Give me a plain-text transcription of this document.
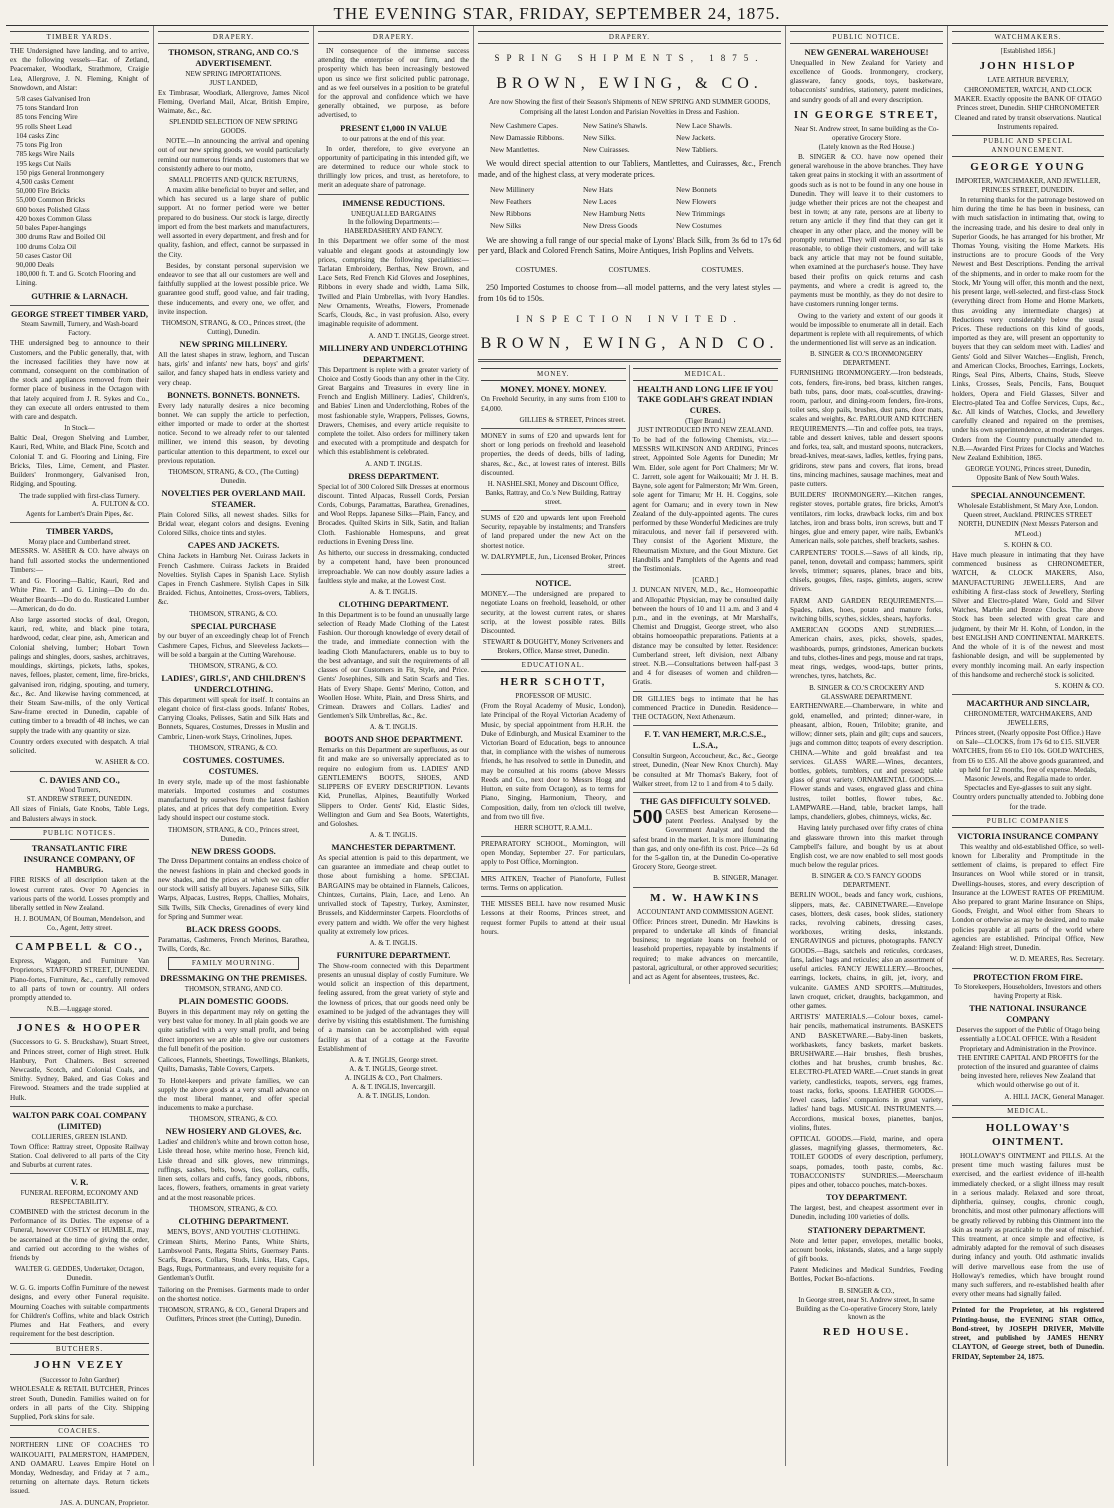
THE EVENING STAR, FRIDAY, SEPTEMBER 24, 1875.
TIMBER YARDS.
THE Undersigned have landing, and to arrive, ex the following vessels—Ear. of Zetland, Peacemaker, Woodlark, Strathmore, Craigie Lea, Allergrove, J. N. Fleming, Knight of Snowdown, and Alstar:
5/8 cases Galvanised Iron
75 tons Standard Iron
85 tons Fencing Wire
95 rolls Sheet Lead
104 casks Zinc
75 tons Pig Iron
785 kegs Wire Nails
195 kegs Cut Nails
150 pigs General Ironmongery
4,500 casks Cement
50,000 Fire Bricks
55,000 Common Bricks
600 boxes Polished Glass
420 boxes Common Glass
50 bales Paper-hangings
300 drums Raw and Boiled Oil
100 drums Colza Oil
50 cases Castor Oil
90,000 Deals
180,000 ft. T. and G. Scotch Flooring and Lining.
GUTHRIE & LARNACH.
GEORGE STREET TIMBER YARD,
Steam Sawmill, Turnery, and Wash-board Factory.
THE undersigned beg to announce to their Customers, and the Public generally, that, with the increased facilities they have now at command, consequent on the combination of the stock and appliances removed from their former place of business in the Octagon with that lately acquired from J. R. Sykes and Co., they can execute all orders entrusted to them with care and despatch.
In Stock—
Baltic Deal, Oregon Shelving and Lumber, Kauri, Red, White, and Black Pine, Scotch and Colonial T. and G. Flooring and Lining, Fire Bricks, Tiles, Lime, Cement, and Plaster. Builders' Ironmongery, Galvanised Iron, Ridging, and Spouting.
The trade supplied with first-class Turnery.
A. FULTON & CO.
Agents for Lambert's Drain Pipes, &c.
TIMBER YARDS,
Moray place and Cumberland street.
MESSRS. W. ASHER & CO. have always on hand full assorted stocks the undermentioned Timbers:—
T. and G. Flooring—Baltic, Kauri, Red and White Pine. T. and G. Lining—Do do do. Weather Boards—Do do do. Rusticated Lumber—American, do do do.
Also large assorted stocks of deal, Oregon, kauri, red, white, and black pine totara, hardwood, cedar, clear pine, ash, American and Colonial shelving, lumber; Hobart Town palings and shingles, doors, sashes, architraves, mouldings, skirtings, pickets, laths, spokes, naves, felloes, plaster, cement, lime, fire-bricks, galvanised iron, ridging, spouting, and turnery, &c., &c. And likewise having commenced, at their Steam Saw-mills, of the only Vertical Saw-frame erected in Dunedin, capable of cutting timber to a breadth of 48 inches, we can supply the trade with any quantity or size.
Country orders executed with despatch. A trial solicited.
W. ASHER & CO.
C. DAVIES AND CO.,
Wood Turners,
ST. ANDREW STREET, DUNEDIN.
All sizes of Finials, Gate Knobs, Table Legs, and Balusters always in stock.
PUBLIC NOTICES.
TRANSATLANTIC FIRE INSURANCE COMPANY, OF HAMBURG.
FIRE RISKS of all description taken at the lowest current rates. Over 70 Agencies in various parts of the world. Losses promptly and liberally settled in New Zealand.
H. J. BOUMAN, Of Bouman, Mendelson, and Co., Agent, Jetty street.
CAMPBELL & CO.,
Express, Waggon, and Furniture Van Proprietors, STAFFORD STREET, DUNEDIN. Piano-fortes, Furniture, &c., carefully removed to all parts of town or country. All orders promptly attended to.
N.B.—Luggage stored.
JONES & HOOPER
(Successors to G. S. Bruckshaw), Stuart Street, and Princes street, corner of High street. Hulk Hanbury, Port Chalmers. Best screened Newcastle, Scotch, and Colonial Coals, and Smithy. Sydney, Baked, and Gas Cokes and Firewood. Steamers and the trade supplied at Hulk.
WALTON PARK COAL COMPANY (LIMITED)
COLLIERIES, GREEN ISLAND.
Town Office: Rattray street, Opposite Railway Station. Coal delivered to all parts of the City and Suburbs at current rates.
V. R.
FUNERAL REFORM, ECONOMY AND RESPECTABILITY.
COMBINED with the strictest decorum in the Performance of its Duties. The expense of a Funeral, however COSTLY or HUMBLE, may be ascertained at the time of giving the order, and carried out according to the wishes of friends by
WALTER G. GEDDES, Undertaker, Octagon, Dunedin.
W. G. G. imports Coffin Furniture of the newest designs, and every other Funeral requisite. Mourning Coaches with suitable compartments for Children's Coffins, white and black Ostrich Plumes and Hat Feathers, and every requirement for the best description.
BUTCHERS.
JOHN VEZEY
(Successor to John Gardner)
WHOLESALE & RETAIL BUTCHER, Princes street South, Dunedin. Families waited on for orders in all parts of the City. Shipping Supplied, Pork skins for sale.
COACHES.
NORTHERN LINE OF COACHES TO WAIKOUAITI, PALMERSTON, HAMPDEN, AND OAMARU. Leaves Empire Hotel on Monday, Wednesday, and Friday at 7 a.m., returning on alternate days. Return tickets issued.
JAS. A. DUNCAN, Proprietor.
DRAPERY.
THOMSON, STRANG, AND CO.'S ADVERTISEMENT.
NEW SPRING IMPORTATIONS.
JUST LANDED,
Ex Timbrasar, Woodlark, Allergrove, James Nicol Fleming, Overland Mail, Alcar, British Empire, Waimate, &c., &c.
SPLENDID SELECTION OF NEW SPRING GOODS.
NOTE.—In announcing the arrival and opening out of our new spring goods, we would particularly remind our numerous friends and customers that we consistently adhere to our motto,
SMALL PROFITS AND QUICK RETURNS,
A maxim alike beneficial to buyer and seller, and which has secured us a large share of public support. At no former period were we better prepared to do business. Our stock is large, directly import ed from the best markets and manufacturers, well assorted in every department, and fresh and for quality, fashion, and effect, cannot be surpassed in the City.
Besides, by constant personal supervision we endeavor to see that all our customers are well and faithfully supplied at the lowest possible price. We guarantee good stuff, good value, and fair trading, these inducements, and every one, we offer, and invite inspection.
THOMSON, STRANG, & CO., Princes street, (the Cutting), Dunedin.
NEW SPRING MILLINERY.
All the latest shapes in straw, leghorn, and Tuscan hats, girls' and infants' new hats, boys' and girls' sailor, and fancy shaped hats in endless variety and very cheap.
BONNETS. BONNETS. BONNETS.
Every lady naturally desires a nice becoming bonnet. We can supply the article to perfection, either imported or made to order at the shortest notice. Second to we already refer to our talented milliner, we intend this season, by devoting particular attention to this department, to excel our previous reputation.
THOMSON, STRANG, & CO., (The Cutting) Dunedin.
NOVELTIES PER OVERLAND MAIL STEAMER.
Plain Colored Silks, all newest shades. Silks for Bridal wear, elegant colors and designs. Evening Colored Silks, choice tints and styles.
CAPES AND JACKETS.
China Jackets in Hamburg Net. Cuirass Jackets in French Cashmere. Cuirass Jackets in Braided Novelties. Stylish Capes in Spanish Lace. Stylish Capes in French Cashmere. Stylish Capes in Silk Braided. Fichus, Antoinettes, Cross-overs, Tabliers, &c.
THOMSON, STRANG, & CO.
SPECIAL PURCHASE
by our buyer of an exceedingly cheap lot of French Cashmere Capes, Fichus, and Sleeveless Jackets—will be sold a bargain at the Cutting Warehouse.
THOMSON, STRANG, & CO.
LADIES', GIRLS', AND CHILDREN'S UNDERCLOTHING.
This department will speak for itself. It contains an elegant choice of first-class goods. Infants' Robes, Carrying Cloaks, Pelisses, Satin and Silk Hats and Bonnets, Squares, Costumes, Dresses in Muslin and Cambric, Linen-work Stays, Crinolines, Jupes.
THOMSON, STRANG, & CO.
COSTUMES. COSTUMES. COSTUMES.
In every style, made up of the most fashionable materials. Imported costumes and costumes manufactured by ourselves from the latest fashion plates, and at prices that defy competition. Every lady should inspect our costume stock.
THOMSON, STRANG, & CO., Princes street, Dunedin.
NEW DRESS GOODS.
The Dress Department contains an endless choice of the newest fashions in plain and checked goods in new shades, and the prices at which we can offer our stock will satisfy all buyers. Japanese Silks, Silk Warps, Alpacas, Lustres, Repps, Challies, Mohairs, Silk Twills, Silk Checks, Grenadines of every kind for Spring and Summer wear.
BLACK DRESS GOODS.
Paramattas, Cashmeres, French Merinos, Barathea, Twills, Cords, &c.
FAMILY MOURNING.
DRESSMAKING ON THE PREMISES.
THOMSON, STRANG, AND CO.
PLAIN DOMESTIC GOODS.
Buyers in this department may rely on getting the very best value for money. In all plain goods we are quite satisfied with a very small profit, and being direct importers we are able to give our customers the full benefit of the position.
Calicoes, Flannels, Sheetings, Towellings, Blankets, Quilts, Damasks, Table Covers, Carpets.
To Hotel-keepers and private families, we can supply the above goods at a very small advance on the most liberal manner, and offer special inducements to make a purchase.
THOMSON, STRANG, & CO.
NEW HOSIERY AND GLOVES, &c.
Ladies' and children's white and brown cotton hose, Lisle thread hose, white merino hose, French kid, Lisle thread and silk gloves, new trimmings, ruffings, sashes, belts, bows, ties, collars, cuffs, linen sets, collars and cuffs, fancy goods, ribbons, laces, flowers, feathers, ornaments in great variety and at the most reasonable prices.
THOMSON, STRANG, & CO.
CLOTHING DEPARTMENT.
MEN'S, BOYS', AND YOUTHS' CLOTHING.
Crimean Shirts, Merino Pants, White Shirts, Lambswool Pants, Regatta Shirts, Guernsey Pants. Scarfs, Braces, Collars, Studs, Links, Hats, Caps, Bags, Rugs, Portmanteaus, and every requisite for a Gentleman's Outfit.
Tailoring on the Premises. Garments made to order on the shortest notice.
THOMSON, STRANG, & CO., General Drapers and Outfitters, Princes street (the Cutting), Dunedin.
DRAPERY.
IN consequence of the immense success attending the enterprise of our firm, and the prosperity which has been increasingly bestowed upon us since we first solicited public patronage, and as we feel ourselves in a position to be grateful for the approval and confidence which we have generally obtained, we purpose, as before advertised, to
PRESENT £1,000 IN VALUE
to our patrons at the end of this year.
In order, therefore, to give everyone an opportunity of participating in this intended gift, we are determined to reduce our whole stock to thrillingly low prices, and trust, as heretofore, to merit an adequate share of patronage.
IMMENSE REDUCTIONS.
UNEQUALLED BARGAINS
In the following Departments:—
HABERDASHERY AND FANCY.
In this Department we offer some of the most valuable and elegant goods at astoundingly low prices, comprising the following specialities:—Tarlatan Embroidery, Berthas, New Brown, and Lace Sets, Red French Kid Gloves and Josephines, Ribbons in every shade and width, Lama Silk, Twilled and Plain Umbrellas, with Ivory Handles. New Ornaments, Wreaths, Flowers, Promenade Scarfs, Clouds, &c., in vast profusion. Also, every imaginable requisite of adornment.
A. AND T. INGLIS, George street.
MILLINERY AND UNDERCLOTHING DEPARTMENT.
This Department is replete with a greater variety of Choice and Costly Goods than any other in the City. Great Bargains and Treasures in every line in French and English Millinery. Ladies', Children's, and Babies' Linen and Underclothing, Robes of the most fashionable style, Wrappers, Pelisses, Gowns, Drawers, Chemises, and every article requisite to complete the toilet. Also orders for millinery taken and executed with a promptitude and despatch for which this establishment is celebrated.
A. AND T. INGLIS.
DRESS DEPARTMENT.
Special lot of 300 Colored Silk Dresses at enormous discount. Tinted Alpacas, Russell Cords, Persian Cords, Coburgs, Paramattas, Barathea, Grenadines, and Wool Repps. Japanese Silks—Plain, Fancy, and Brocades. Quilted Skirts in Silk, Satin, and Italian Cloth. Fashionable Homespuns, and great reductions in Evening Dress line.
As hitherto, our success in dressmaking, conducted by a competent hand, have been pronounced irreproachable. We can now doubly assure ladies a faultless style and make, at the Lowest Cost.
A. & T. INGLIS.
CLOTHING DEPARTMENT.
In this Department is to be found an unusually large selection of Ready Made Clothing of the Latest Fashion. Our thorough knowledge of every detail of the trade, and immediate connection with the leading Cloth Manufacturers, enable us to buy to the best advantage, and suit the requirements of all classes of our Customers in Fit, Style, and Price. Gents' Josephines, Silk and Satin Scarfs and Ties. Hats of Every Shape. Gents' Merino, Cotton, and Woollen Hose. White, Plain, and Dress Shirts, and Crimean. Drawers and Collars. Ladies' and Gentlemen's Silk Umbrellas, &c., &c.
A. & T. INGLIS.
BOOTS AND SHOE DEPARTMENT.
Remarks on this Department are superfluous, as our fit and make are so universally appreciated as to require no eulogium from us. LADIES' AND GENTLEMEN'S BOOTS, SHOES, AND SLIPPERS OF EVERY DESCRIPTION. Levants Kid, Prunellas, Alpines, Beautifully Worked Slippers to Order. Gents' Kid, Elastic Sides, Wellington and Gum and Sea Boots, Watertights, and Goloshes.
A. & T. INGLIS.
MANCHESTER DEPARTMENT.
As special attention is paid to this department, we can guarantee an immediate and cheap outlet to those about furnishing a home. SPECIAL BARGAINS may be obtained in Flannels, Calicoes, Chintzes, Curtains, Plain, Lace, and Leno. An unrivalled stock of Tapestry, Turkey, Axminster, Brussels, and Kidderminster Carpets. Floorcloths of every pattern and width. We offer the very highest quality at extremely low prices.
A. & T. INGLIS.
FURNITURE DEPARTMENT.
The Show-room connected with this Department presents an unusual display of costly Furniture. We would solicit an inspection of this department, feeling assured, from the great variety of style and the lowness of prices, that our goods need only be examined to be judged of the advantages they will derive by visiting this establishment. The furnishing of a mansion can be accomplished with equal facility as that of a cottage at the Favorite Establishment of
A. & T. INGLIS, George street.
A. & T. INGLIS, George street.
A. INGLIS & CO., Port Chalmers.
A. & T. INGLIS, Invercargill.
A. & T. INGLIS, London.
DRAPERY.
SPRING SHIPMENTS, 1875.
BROWN, EWING, & CO.
Are now Showing the first of their Season's Shipments of NEW SPRING AND SUMMER GOODS,
Comprising all the latest London and Parisian Novelties in Dress and Fashion.
New Cashmere Capes.	New Satine's Shawls.	New Lace Shawls.
New Damassie Ribbons.	New Silks.	New Jackets.
New Mantlettes.	New Cuirasses.	New Tabliers.
We would direct special attention to our Tabliers, Mantlettes, and Cuirasses, &c., French made, and of the highest class, at very moderate prices.
New Millinery	New Hats	New Bonnets
New Feathers	New Laces	New Flowers
New Ribbons	New Hamburg Netts	New Trimmings
New Silks	New Dress Goods	New Costumes
We are showing a full range of our special make of Lyons' Black Silk, from 3s 6d to 17s 6d per yard, Black and Colored French Satins, Moire Antiques, Irish Poplins and Velvets.
COSTUMES.	COSTUMES.	COSTUMES.
250 Imported Costumes to choose from—all model patterns, and the very latest styles —from 10s 6d to 150s.
INSPECTION INVITED.
BROWN, EWING, AND CO.
MONEY.
MONEY. MONEY. MONEY.
On Freehold Security, in any sums from £100 to £4,000.
GILLIES & STREET, Princes street.
MONEY in sums of £20 and upwards lent for short or long periods on freehold and leasehold properties, the deeds of deeds, bills of lading, shares, &c., &c., at lowest rates of interest. Bills discounted.
H. NASHELSKI, Money and Discount Office, Banks, Rattray, and Co.'s New Building, Rattray street.
SUMS of £20 and upwards lent upon Freehold Security, repayable by instalments; and Transfers of land prepared under the new Act on the shortest notice.
W. DALRYMPLE, Jun., Licensed Broker, Princes street.
NOTICE.
MONEY.—The undersigned are prepared to negotiate Loans on freehold, leasehold, or other security, at the lowest current rates, or shares scrip, at the lowest possible rates. Bills Discounted.
STEWART & DOUGHTY, Money Scriveners and Brokers, Office, Manse street, Dunedin.
EDUCATIONAL.
HERR SCHOTT,
PROFESSOR OF MUSIC.
(From the Royal Academy of Music, London), late Principal of the Royal Victorian Academy of Music, by special appointment from H.R.H. the Duke of Edinburgh, and Musical Examiner to the Victorian Board of Education, begs to announce that, in compliance with the wishes of numerous friends, he has resolved to settle in Dunedin, and may be consulted at his rooms (above Messrs Reeds and Co., next door to Messrs Hogg and Hutton, en suite from Octagon), as to terms for Piano, Singing, Harmonium, Theory, and Composition, daily, from ten o'clock till twelve, and from two till five.
HERR SCHOTT, R.A.M.L.
PREPARATORY SCHOOL, Mornington, will open Monday, September 27. For particulars, apply to Post Office, Mornington.
MRS AITKEN, Teacher of Pianoforte, Fullest terms. Terms on application.
THE MISSES BELL have now resumed Music Lessons at their Rooms, Princes street, and request former Pupils to attend at their usual hours.
MEDICAL.
HEALTH AND LONG LIFE IF YOU TAKE GODLAH'S GREAT INDIAN CURES.
(Tiger Brand.)
JUST INTRODUCED INTO NEW ZEALAND.
To be had of the following Chemists, viz.:—MESSRS WILKINSON AND ARDING, Princes street, Appointed Sole Agents for Dunedin; Mr Wm. Elder, sole agent for Port Chalmers; Mr W. C. Jarrett, sole agent for Waikouaiti; Mr J. H. B. Bayne, sole agent for Palmerston; Mr Wm. Green, sole agent for Timaru; Mr H. H. Coggins, sole agent for Oamaru; and in every town in New Zealand of the duly-appointed agents. The cures performed by these Wonderful Medicines are truly miraculous, and never fail if persevered with. They consist of the Agorient Mixture, the Rheumatism Mixture, and the Gout Mixture. Get Handbills and Pamphlets of the Agents and read the Testimonials.
[CARD.]
J. DUNCAN NIVEN, M.D., &c., Homoeopathic and Allopathic Physician, may be consulted daily between the hours of 10 and 11 a.m. and 3 and 4 p.m., and in the evenings, at Mr Marshall's, Chemist and Druggist, George street, who also obtains homoeopathic preparations. Patients at a distance may be consulted by letter. Residence: Cumberland street, left division, next Albany street. N.B.—Consultations between half-past 3 and 4 for diseases of women and children— Gratis.
DR GILLIES begs to intimate that he has commenced Practice in Dunedin. Residence—THE OCTAGON, Next Athenæum.
F. T. VAN HEMERT, M.R.C.S.E., L.S.A.,
Consultin Surgeon, Accoucheur, &c., &c., George street, Dunedin, (Near New Knox Church). May be consulted at Mr Thomas's Bakery, foot of Walker street, from 12 to 1 and from 4 to 5 daily.
THE GAS DIFFICULTY SOLVED.
500 CASES best American Kerosene—patent Peerless. Analysed by the Government Analyst and found the safest brand in the market. It is more illuminating than gas, and only one-fifth its cost. Price—2s 6d for the 5-gallon tin, at the Dunedin Co-operative Grocery Store, George street.
B. SINGER, Manager.
M. W. HAWKINS
ACCOUNTANT AND COMMISSION AGENT.
Office: Princes street, Dunedin. Mr Hawkins is prepared to undertake all kinds of financial business; to negotiate loans on freehold or leasehold properties, repayable by instalments if required; to make advances on mercantile, pastoral, agricultural, or other approved securities; and act as Agent for absentees, trustees, &c.
PUBLIC NOTICE.
NEW GENERAL WAREHOUSE!
Unequalled in New Zealand for Variety and excellence of Goods. Ironmongery, crockery, glassware, fancy goods, toys, basketware, tobacconists' sundries, stationery, patent medicines, and sundry goods of all and every description.
IN GEORGE STREET,
Near St. Andrew street, In same building as the Co-operative Grocery Store.
(Lately known as the Red House.)
B. SINGER & CO. have now opened their general warehouse in the above branches. They have taken great pains in stocking it with an assortment of goods such as is not to be found in any one house in Dunedin. They will leave it to their customers to judge whether their prices are not the cheapest and best in town; at any rate, persons are at liberty to return any article if they find that they can get it cheaper in any other place, and the money will be promptly returned. They will endeavor, so far as is reasonable, to oblige their customers, and will take back any article that may not be found suitable, when examined at the purchaser's house. They have based their profits on quick returns and cash payments, and where a credit is agreed to, the payments must be monthly, as they do not desire to have customers running longer terms.
Owing to the variety and extent of our goods it would be impossible to enumerate all in detail. Each department is replete with all requirements, of which the undermentioned list will serve as an indication.
B. SINGER & CO.'S IRONMONGERY DEPARTMENT.
FURNISHING IRONMONGERY.—Iron bedsteads, cots, fenders, fire-irons, bed brass, kitchen ranges, bath tubs, pans, door mats, coal-scuttles, drawing-room, parlour, and dining-room fenders, fire-irons, toilet sets, slop pails, brushes, dust pans, door mats, scales and weights, &c. PARLOUR AND KITCHEN REQUIREMENTS.—Tin and coffee pots, tea trays, table and dessert knives, table and dessert spoons and forks, tea, salt, and mustard spoons, nutcrackers, bread-knives, meat-saws, ladles, kettles, frying pans, gridirons, stew pans and covers, flat irons, bread tins, mincing machines, sausage machines, meat and paste cutters.
BUILDERS' IRONMONGERY.—Kitchen ranges, register stoves, portable grates, fire bricks, Arnott's ventilators, rim locks, drawback locks, rim and box latches, iron and brass bolts, iron screws, butt and T hinges, glue and emery paper, wire nails, Ewbank's American nails, sole patches, shelf brackets, sashes.
CARPENTERS' TOOLS.—Saws of all kinds, rip, panel, tenon, dovetail and compass; hammers, spirit levels, trimmer; squares, planes, brace and bits, chisels, gouges, files, rasps, gimlets, augers, screw drivers.
FARM AND GARDEN REQUIREMENTS.—Spades, rakes, hoes, potato and manure forks, twitching bills, scythes, sickles, shears, hayforks.
AMERICAN GOODS AND SUNDRIES.—American chairs, axes, picks, shovels, spades, washboards, pumps, grindstones, American buckets and tubs, clothes-lines and pegs, mouse and rat traps, meat rings, wedges, wood-taps, butter prints, wrenches, tyres, hatchets, &c.
B. SINGER & CO.'S CROCKERY AND GLASSWARE DEPARTMENT.
EARTHENWARE.—Chamberware, in white and gold, enamelled, and printed; dinner-ware, in pheasant, albion, Rouen, Trilobite; granite, and willow; dinner sets, plain and gilt; cups and saucers, jugs and common ditto; teapots of every description. CHINA.—White and gold breakfast and tea services. GLASS WARE.—Wines, decanters, bottles, goblets, tumblers, cut and pressed; table glass of great variety. ORNAMENTAL GOODS.—Flower stands and vases, engraved glass and china lustres, toilet bottles, flower tubes, &c. LAMPWARE.—Hand, table, bracket lamps, hall lamps, chandeliers, globes, chimneys, wicks, &c.
Having lately purchased over fifty crates of china and glassware thrown into this market through Campbell's failure, and bought by us at about English cost, we are now enabled to sell most goods much below the regular prices.
B. SINGER & CO.'S FANCY GOODS DEPARTMENT.
BERLIN WOOL, beads and fancy work, cushions, slippers, mats, &c. CABINETWARE.—Envelope cases, blotters, desk cases, book slides, stationery racks, revolving cabinets, dressing cases, workboxes, writing desks, inkstands. ENGRAVINGS and pictures, photographs. FANCY GOODS.—Bags, satchels and reticules, cordcases, fans, ladies' bags and reticules; also an assortment of useful articles. FANCY JEWELLERY.—Brooches, earrings, lockets, chains, in gilt, jet, ivory, and vulcanite. GAMES AND SPORTS.—Multitudes, lawn croquet, cricket, draughts, backgammon, and other games.
ARTISTS' MATERIALS.—Colour boxes, camel-hair pencils, mathematical instruments. BASKETS AND BASKETWARE.—Baby-linen baskets, workbaskets, fancy baskets, market baskets. BRUSHWARE.—Hair brushes, flesh brushes, clothes and hat brushes, crumb brushes, &c. ELECTRO-PLATED WARE.—Cruet stands in great variety, candlesticks, teapots, servers, egg frames, toast racks, forks, spoons. LEATHER GOODS.—Jewel cases, ladies' companions in great variety, ladies' hand bags. MUSICAL INSTRUMENTS.—Accordions, musical boxes, pianettes, banjos, violins, flutes.
OPTICAL GOODS.—Field, marine, and opera glasses, magnifying glasses, thermometers, &c. TOILET GOODS of every description, perfumery, soaps, pomades, tooth paste, combs, &c. TOBACCONISTS' SUNDRIES.—Meerschaum pipes and other, tobacco pouches, match-boxes.
TOY DEPARTMENT.
The largest, best, and cheapest assortment ever in Dunedin, including 100 varieties of dolls.
STATIONERY DEPARTMENT.
Note and letter paper, envelopes, metallic books, account books, inkstands, slates, and a large supply of gift books.
Patent Medicines and Medical Sundries, Feeding Bottles, Pocket Bo-nfactions.
B. SINGER & CO.,
In George street, near St. Andrew street, In same Building as the Co-operative Grocery Store, lately known as the
RED HOUSE.
WATCHMAKERS.
[Established 1856.]
JOHN HISLOP
LATE ARTHUR BEVERLY,
CHRONOMETER, WATCH, AND CLOCK MAKER. Exactly opposite the BANK OF OTAGO Princes street, Dunedin. SHIP CHRONOMETER Cleaned and rated by transit observations. Nautical Instruments repaired.
PUBLIC AND SPECIAL ANNOUNCEMENT.
GEORGE YOUNG
IMPORTER, WATCHMAKER, AND JEWELLER, PRINCES STREET, DUNEDIN.
In returning thanks for the patronage bestowed on him during the time he has been in business, can with much satisfaction in intimating that, owing to the increasing trade, and his desire to deal only in Superior Goods, he has arranged for his brother, Mr Thomas Young, visiting the Home Markets. His instructions are to procure Goods of the Very Newest and Best Descriptions. Pending the arrival of the shipments, and in order to make room for the Stock, Mr Young will offer, this month and the next, his present large, well-selected, and first-class Stock (everything direct from Home and Home Markets, thus avoiding any intermediate charges) at Reductions very considerably below the usual Prices. These reductions on this kind of goods, imported as they are, will present an opportunity to buyers that they can seldom meet with. Ladies' and Gents' Gold and Silver Watches—English, French, and American Clocks, Brooches, Earrings, Lockets, Rings, Seal Pins, Alberts, Chains, Studs, Sleeve Links, Crosses, Seals, Pencils, Fans, Bouquet holders, Opera and Field Glasses, Silver and Electro-plated Tea and Coffee Services, Cups, &c., &c. All kinds of Watches, Clocks, and Jewellery carefully cleaned and repaired on the premises, under his own superintendence, at moderate charges. Orders from the Country punctually attended to. N.B.—Awarded First Prizes for Clocks and Watches New Zealand Exhibition, 1865.
GEORGE YOUNG, Princes street, Dunedin, Opposite Bank of New South Wales.
SPECIAL ANNOUNCEMENT.
Wholesale Establishment, St Mary Axe, London. Queen street, Auckland. PRINCES STREET NORTH, DUNEDIN (Next Messrs Paterson and M'Leod.)
S. KOHN & CO.
Have much pleasure in intimating that they have commenced business as CHRONOMETER, WATCH, & CLOCK MAKERS, Also, MANUFACTURING JEWELLERS, And are exhibiting A first-class stock of Jewellery, Sterling Silver and Electro-plated Ware, Gold and Silver Watches, Marble and Bronze Clocks. The above Stock has been selected with great care and judgment, by their Mr H. Kohn, of London, in the best ENGLISH AND CONTINENTAL MARKETS. And the whole of it is of the newest and most fashionable design, and will be supplemented by every monthly incoming mail. An early inspection of this handsome and recherché stock is solicited.
S. KOHN & CO.
MACARTHUR AND SINCLAIR,
CHRONOMETER, WATCHMAKERS, AND JEWELLERS,
Princes street, (Nearly opposite Post Office.) Have on Sale—CLOCKS, from 17s 6d to £15. SILVER WATCHES, from £6 to £10 10s. GOLD WATCHES, from £6 to £35. All the above goods guaranteed, and up held for 12 months, free of expense. Medals, Masonic Jewels, and Regalia made to order. Spectacles and Eye-glasses to suit any sight. Country orders punctually attended to. Jobbing done for the trade.
PUBLIC COMPANIES
VICTORIA INSURANCE COMPANY
This wealthy and old-established Office, so well-known for Liberality and Promptitude in the settlement of claims, is prepared to effect Fire Insurances on Wool while stored or in transit, Dwellings-houses, stores, and every description of Insurance at the LOWEST RATES OF PREMIUM. Also prepared to grant Marine Insurance on Ships, Goods, Freight, and Wool either from Shears to London or otherwise as may be desired, and to make policies payable at all parts of the world where agencies are established. Principal Office, New Zealand: High street, Dunedin.
W. D. MEARES, Res. Secretary.
PROTECTION FROM FIRE.
To Storekeepers, Householders, Investors and others having Property at Risk.
THE NATIONAL INSURANCE COMPANY
Deserves the support of the Public of Otago being essentially a LOCAL OFFICE. With a Resident Proprietary and Administration in the Province. THE ENTIRE CAPITAL AND PROFITS for the protection of the insured and guarantee of claims being invested here, relieves New Zealand that which would otherwise go out of it.
A. HILL JACK, General Manager.
MEDICAL.
HOLLOWAY'S OINTMENT.
HOLLOWAY'S OINTMENT and PILLS. At the present time much wasting failures must be exercised, and the earliest evidence of ill-health immediately checked, or a slight illness may result in a serious malady. Relaxed and sore throat, diphtheria, quinsey, coughs, chronic cough, bronchitis, and most other pulmonary affections will be greatly relieved by rubbing this Ointment into the skin as nearly as practicable to the seat of mischief. This treatment, at once simple and effective, is admirably adapted for the removal of such diseases during infancy and youth. Old asthmatic invalids will derive marvellous ease from the use of Holloway's remedies, which have brought round many such sufferers, and re-established health after every other means had signally failed.
Printed for the Proprietor, at his registered Printing-house, the EVENING STAR Office, Bond-street, by JOSEPH DRIVER, Melville street, and published by JAMES HENRY CLAYTON, of George street, both of Dunedin. FRIDAY, September 24, 1875.
